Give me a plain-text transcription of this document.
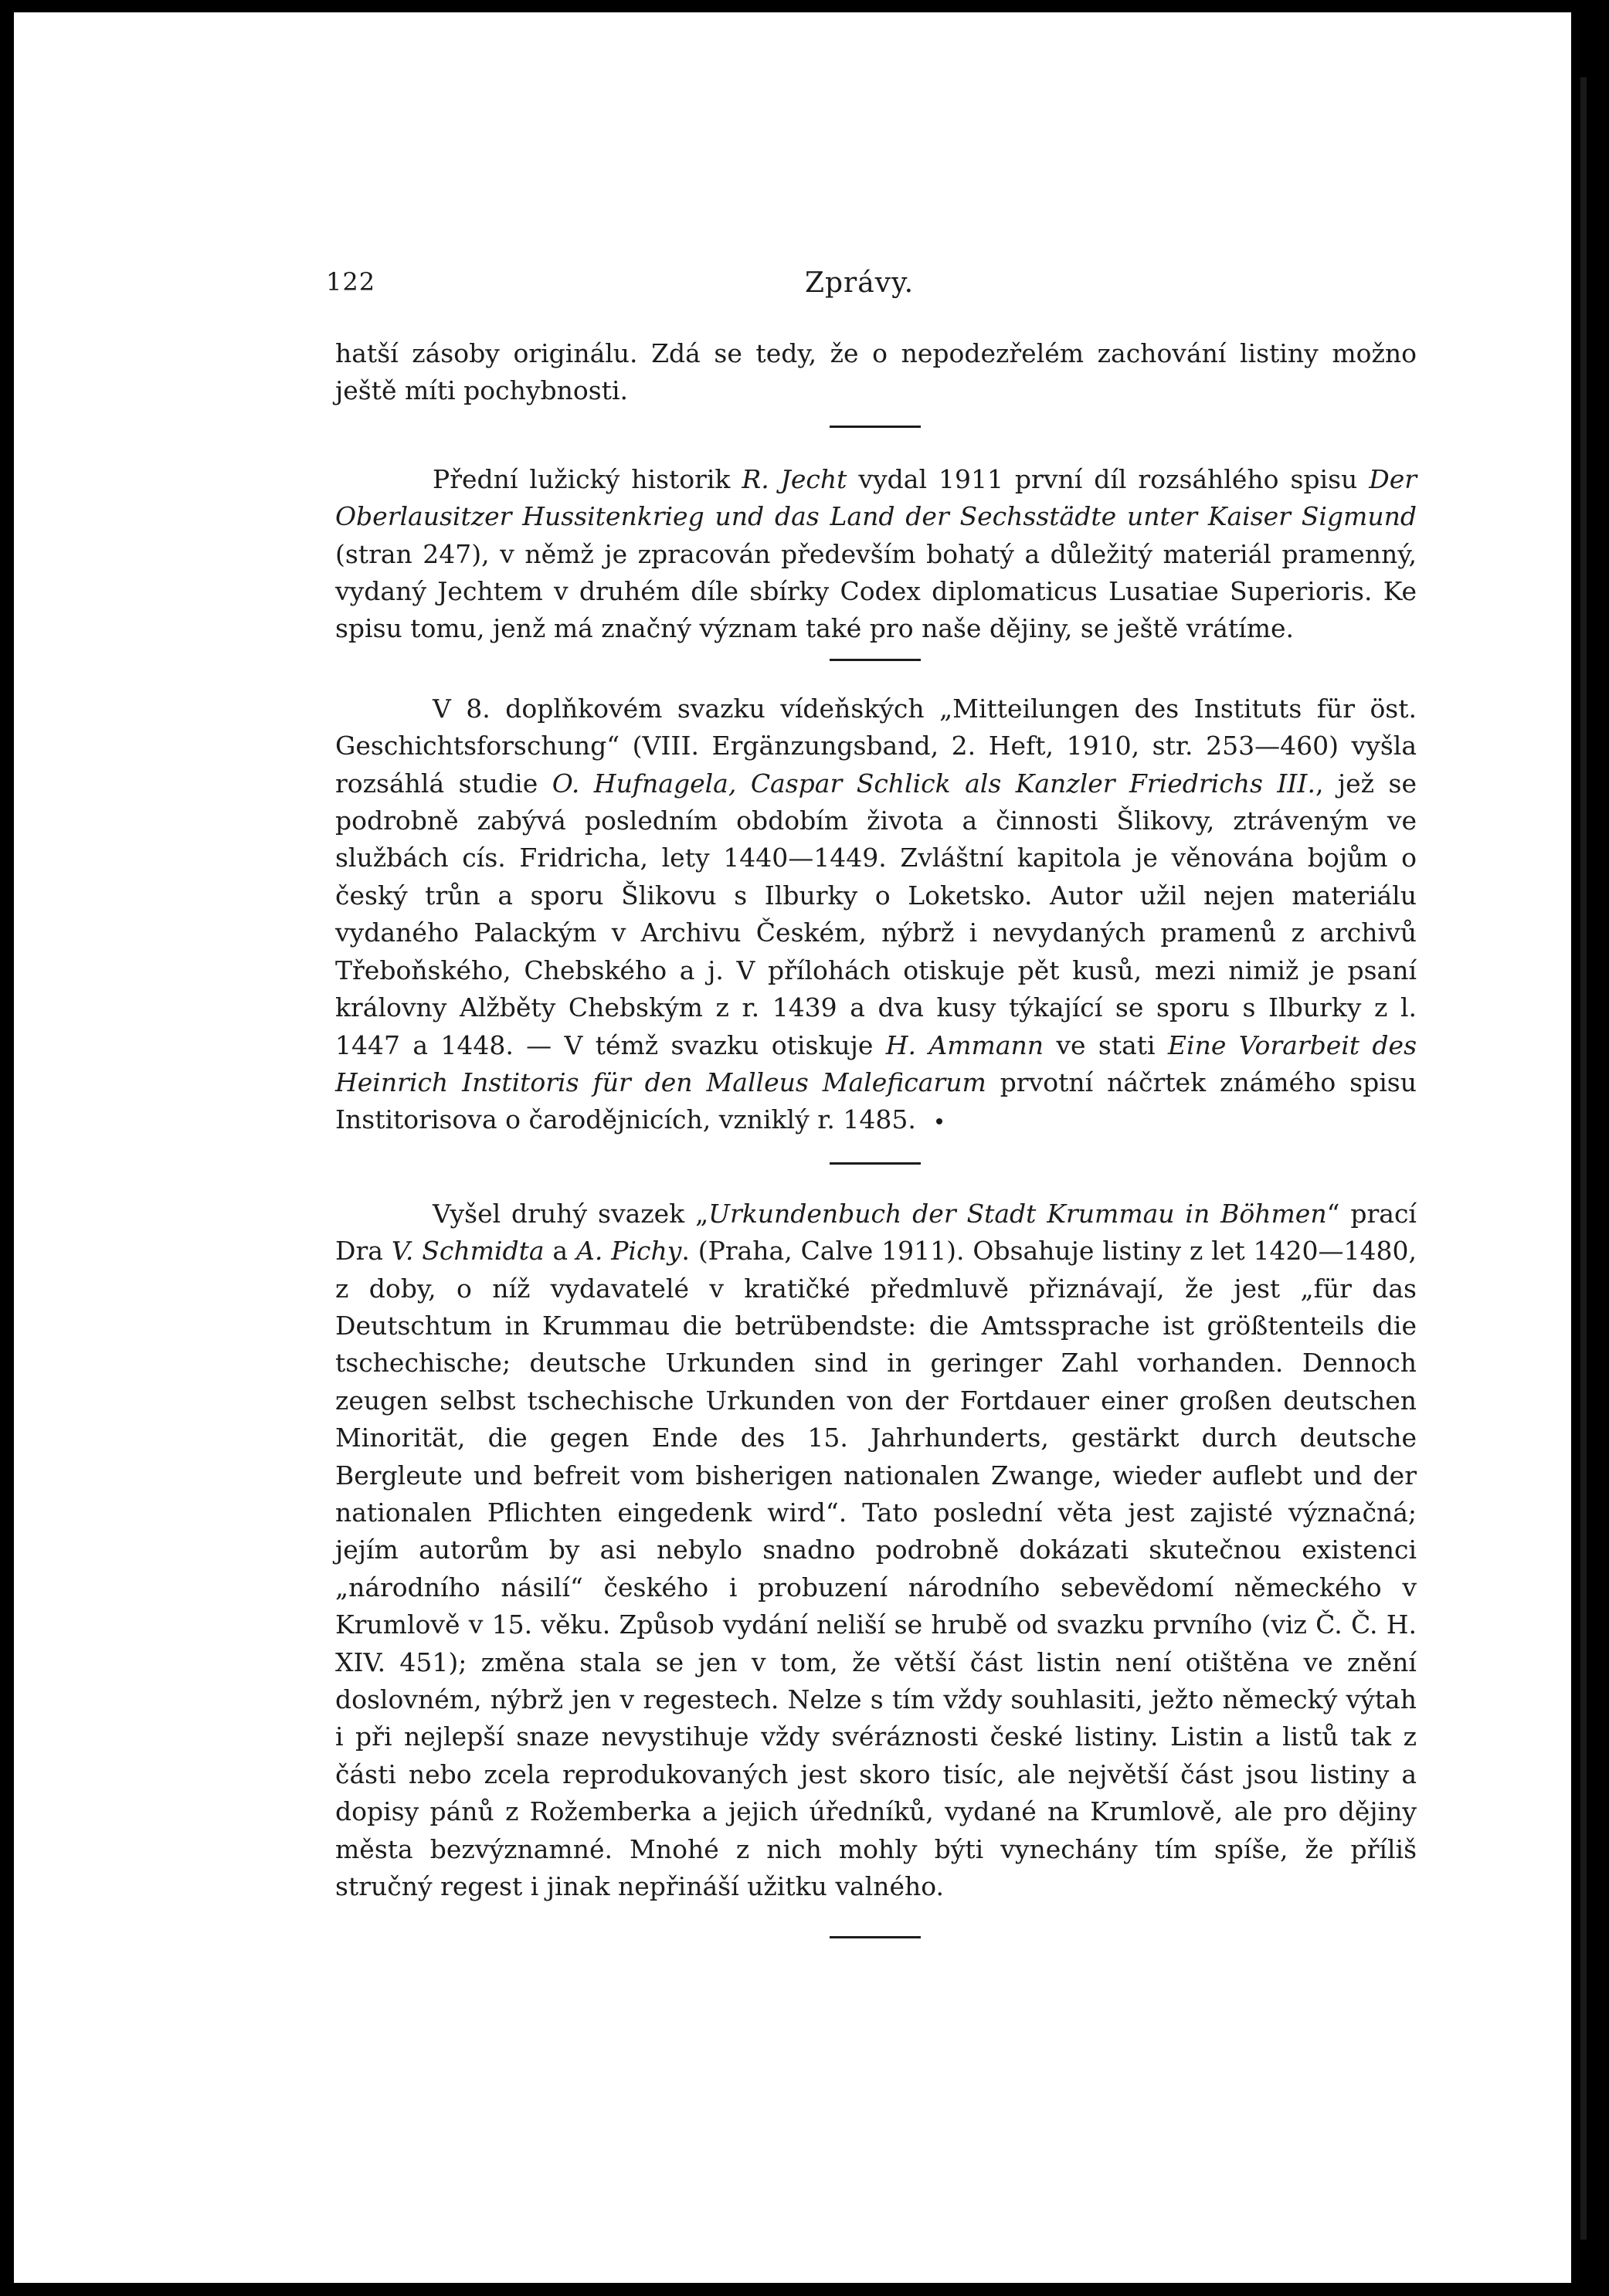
122	Zprávy.

hatší zásoby originálu. Zdá se tedy, že o nepodezřelém zachování listiny možno ještě míti pochybnosti.

Přední lužický historik R. Jecht vydal 1911 první díl rozsáhlého spisu Der Oberlausitzer Hussitenkrieg und das Land der Sechsstädte unter Kaiser Sigmund (stran 247), v němž je zpracován především bohatý a důležitý materiál pramenný, vydaný Jechtem v druhém díle sbírky Codex diplomaticus Lusatiae Superioris. Ke spisu tomu, jenž má značný význam také pro naše dějiny, se ještě vrátíme.

V 8. doplňkovém svazku vídeňských „Mitteilungen des Instituts für öst. Geschichtsforschung“ (VIII. Ergänzungsband, 2. Heft, 1910, str. 253—460) vyšla rozsáhlá studie O. Hufnagela, Caspar Schlick als Kanzler Friedrichs III., jež se podrobně zabývá posledním obdobím života a činnosti Šlikovy, ztráveným ve službách cís. Fridricha, lety 1440—1449. Zvláštní kapitola je věnována bojům o český trůn a sporu Šlikovu s Ilburky o Loketsko. Autor užil nejen materiálu vydaného Palackým v Archivu Českém, nýbrž i nevydaných pramenů z archivů Třeboňského, Chebského a j. V přílohách otiskuje pět kusů, mezi nimiž je psaní královny Alžběty Chebským z r. 1439 a dva kusy týkající se sporu s Ilburky z l. 1447 a 1448. — V témž svazku otiskuje H. Ammann ve stati Eine Vorarbeit des Heinrich Institoris für den Malleus Maleficarum prvotní náčrtek známého spisu Institorisova o čarodějnicích, vzniklý r. 1485.

Vyšel druhý svazek „Urkundenbuch der Stadt Krummau in Böhmen“ prací Dra V. Schmidta a A. Pichy. (Praha, Calve 1911). Obsahuje listiny z let 1420—1480, z doby, o níž vydavatelé v kratičké předmluvě přiznávají, že jest „für das Deutschtum in Krummau die betrübendste: die Amtssprache ist größtenteils die tschechische; deutsche Urkunden sind in geringer Zahl vorhanden. Dennoch zeugen selbst tschechische Urkunden von der Fortdauer einer großen deutschen Minorität, die gegen Ende des 15. Jahrhunderts, gestärkt durch deutsche Bergleute und befreit vom bisherigen nationalen Zwange, wieder auflebt und der nationalen Pflichten eingedenk wird“. Tato poslední věta jest zajisté význačná; jejím autorům by asi nebylo snadno podrobně dokázati skutečnou existenci „národního násilí“ českého i probuzení národního sebevědomí německého v Krumlově v 15. věku. Způsob vydání neliší se hrubě od svazku prvního (viz Č. Č. H. XIV. 451); změna stala se jen v tom, že větší část listin není otištěna ve znění doslovném, nýbrž jen v regestech. Nelze s tím vždy souhlasiti, ježto německý výtah i při nejlepší snaze nevystihuje vždy svéráznosti české listiny. Listin a listů tak z části nebo zcela reprodukovaných jest skoro tisíc, ale největší část jsou listiny a dopisy pánů z Rožemberka a jejich úředníků, vydané na Krumlově, ale pro dějiny města bezvýznamné. Mnohé z nich mohly býti vynechány tím spíše, že příliš stručný regest i jinak nepřináší užitku valného.
